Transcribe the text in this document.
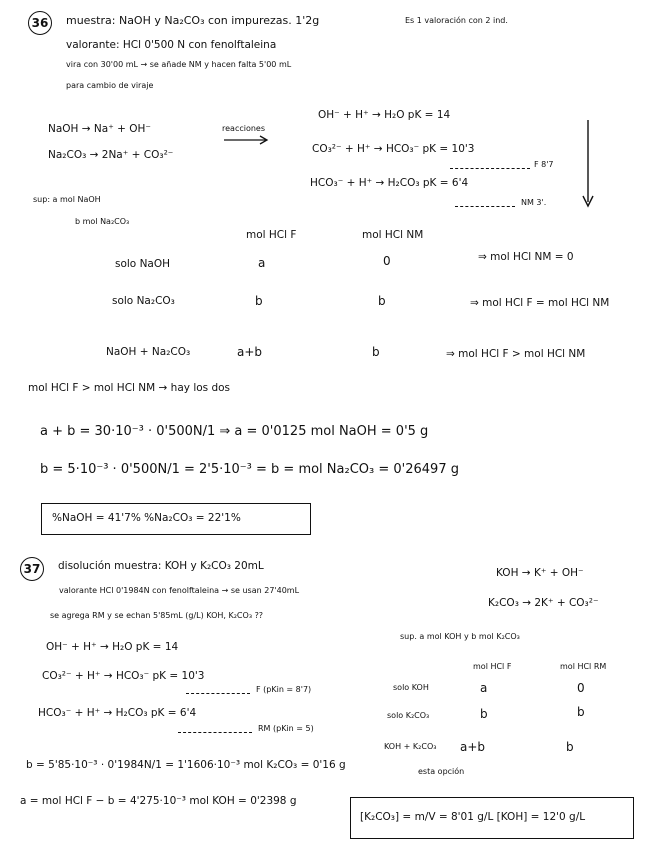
36	muestra: NaOH y Na₂CO₃ con impurezas. 1'2g	Es 1 valoración con 2 ind.
valorante: HCl 0'500 N con fenolftaleina
vira con 30'00 mL → se añade NM y hacen falta 5'00 mL
para cambio de viraje
NaOH → Na⁺ + OH⁻
Na₂CO₃ → 2Na⁺ + CO₃²⁻
reacciones
OH⁻ + H⁺ → H₂O pK = 14
CO₃²⁻ + H⁺ → HCO₃⁻ pK = 10'3
F 8'7
HCO₃⁻ + H⁺ → H₂CO₃ pK = 6'4
NM 3'.
sup: a mol NaOH
b mol Na₂CO₃
mol HCl F	mol HCl NM
solo NaOH	a	0	⇒ mol HCl NM = 0
solo Na₂CO₃	b	b	⇒ mol HCl F = mol HCl NM
NaOH + Na₂CO₃	a+b	b	⇒ mol HCl F > mol HCl NM
mol HCl F > mol HCl NM → hay los dos
a + b = 30·10⁻³ · 0'500N/1 ⇒ a = 0'0125 mol NaOH = 0'5 g
b = 5·10⁻³ · 0'500N/1 = 2'5·10⁻³ = b = mol Na₂CO₃ = 0'26497 g
%NaOH = 41'7% %Na₂CO₃ = 22'1%
37	disolución muestra: KOH y K₂CO₃ 20mL
valorante HCl 0'1984N con fenolftaleina → se usan 27'40mL
se agrega RM y se echan 5'85mL (g/L) KOH, K₂CO₃ ??
KOH → K⁺ + OH⁻
K₂CO₃ → 2K⁺ + CO₃²⁻
OH⁻ + H⁺ → H₂O pK = 14
CO₃²⁻ + H⁺ → HCO₃⁻ pK = 10'3
F (pKin = 8'7)
HCO₃⁻ + H⁺ → H₂CO₃ pK = 6'4
RM (pKin = 5)
sup. a mol KOH y b mol K₂CO₃
mol HCl F	mol HCl RM
solo KOH	a	0
solo K₂CO₃	b	b
KOH + K₂CO₃ a+b	b
esta opción
b = 5'85·10⁻³ · 0'1984N/1 = 1'1606·10⁻³ mol K₂CO₃ = 0'16 g
a = mol HCl F − b = 4'275·10⁻³ mol KOH = 0'2398 g
[K₂CO₃] = m/V = 8'01 g/L [KOH] = 12'0 g/L
